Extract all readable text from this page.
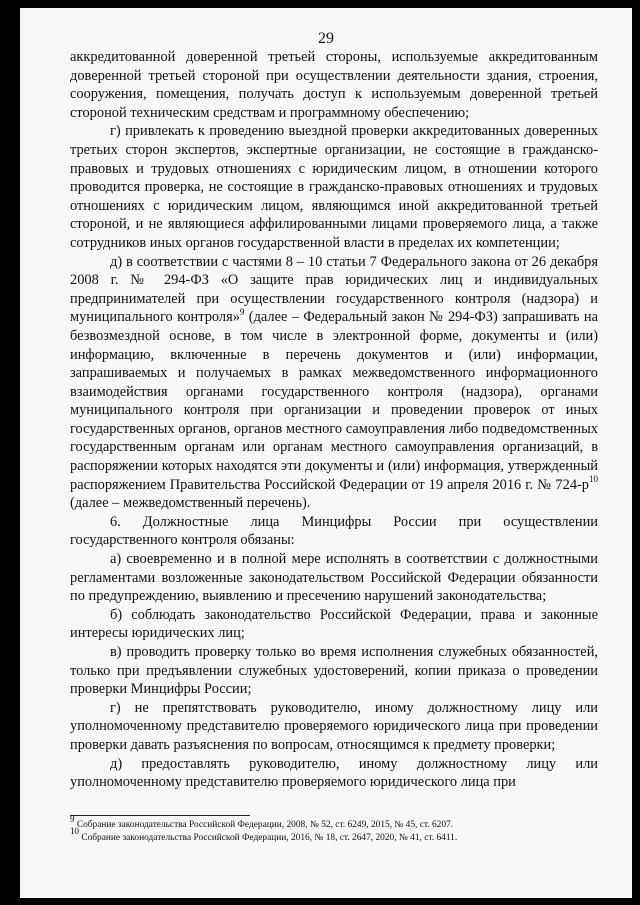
29

аккредитованной доверенной третьей стороны, используемые аккредитованным доверенной третьей стороной при осуществлении деятельности здания, строения, сооружения, помещения, получать доступ к используемым доверенной третьей стороной техническим средствам и программному обеспечению;

г) привлекать к проведению выездной проверки аккредитованных доверенных третьих сторон экспертов, экспертные организации, не состоящие в гражданско-правовых и трудовых отношениях с юридическим лицом, в отношении которого проводится проверка, не состоящие в гражданско-правовых отношениях и трудовых отношениях с юридическим лицом, являющимся иной аккредитованной третьей стороной, и не являющиеся аффилированными лицами проверяемого лица, а также сотрудников иных органов государственной власти в пределах их компетенции;

д) в соответствии с частями 8 – 10 статьи 7 Федерального закона от 26 декабря 2008 г. № 294-ФЗ «О защите прав юридических лиц и индивидуальных предпринимателей при осуществлении государственного контроля (надзора) и муниципального контроля»$^9$ (далее – Федеральный закон № 294-ФЗ) запрашивать на безвозмездной основе, в том числе в электронной форме, документы и (или) информацию, включенные в перечень документов и (или) информации, запрашиваемых и получаемых в рамках межведомственного информационного взаимодействия органами государственного контроля (надзора), органами муниципального контроля при организации и проведении проверок от иных государственных органов, органов местного самоуправления либо подведомственных государственным органам или органам местного самоуправления организаций, в распоряжении которых находятся эти документы и (или) информация, утвержденный распоряжением Правительства Российской Федерации от 19 апреля 2016 г. № $724-р^{10}$ (далее – межведомственный перечень).

6. Должностные лица Минцифры России при осуществлении государственного контроля обязаны:

а) своевременно и в полной мере исполнять в соответствии с должностными регламентами возложенные законодательством Российской Федерации обязанности по предупреждению, выявлению и пресечению нарушений законодательства;

б) соблюдать законодательство Российской Федерации, права и законные интересы юридических лиц;

в) проводить проверку только во время исполнения служебных обязанностей, только при предъявлении служебных удостоверений, копии приказа о проведении проверки Минцифры России;

г) не препятствовать руководителю, иному должностному лицу или уполномоченному представителю проверяемого юридического лица при проведении проверки давать разъяснения по вопросам, относящимся к предмету проверки;

д) предоставлять руководителю, иному должностному лицу или уполномоченному представителю проверяемого юридического лица при

$^9$ Собрание законодательства Российской Федерации, 2008, № 52, ст. 6249, 2015, № 45, ст. 6207.
$^{10}$ Собрание законодательства Российской Федерации, 2016, № 18, ст. 2647, 2020, № 41, ст. 6411.
